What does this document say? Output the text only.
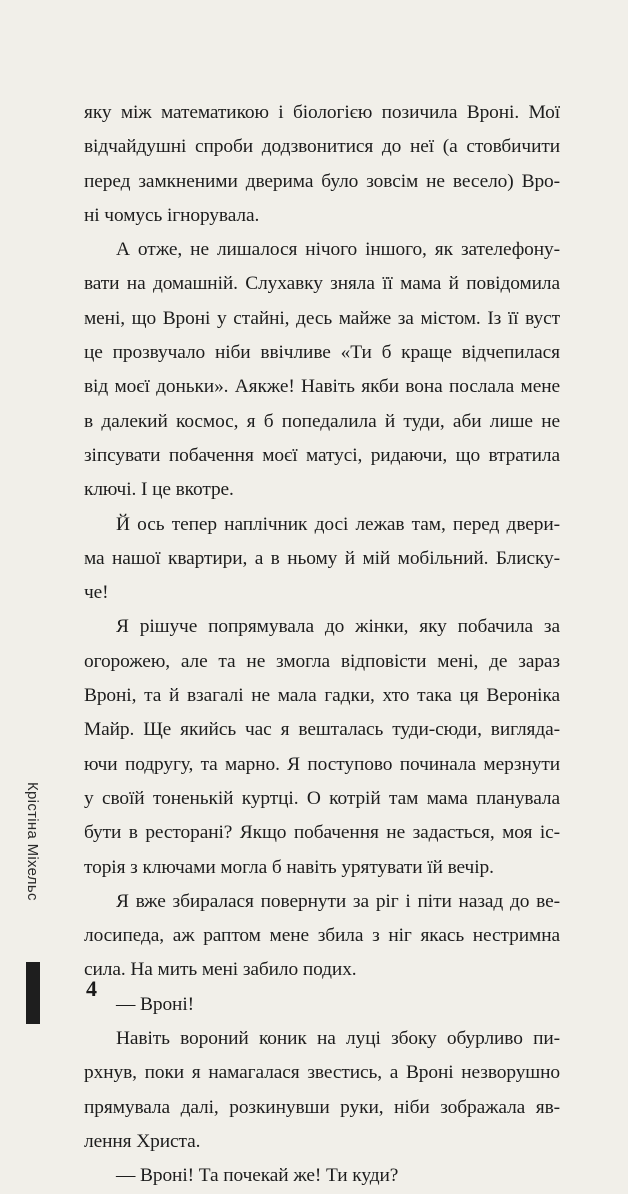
яку між математикою і біологією позичила Вроні. Мої
відчайдушні спроби додзвонитися до неї (а стовбичити
перед замкненими дверима було зовсім не весело) Вро-
ні чомусь ігнорувала.
А отже, не лишалося нічого іншого, як зателефону-
вати на домашній. Слухавку зняла її мама й повідомила
мені, що Вроні у стайні, десь майже за містом. Із її вуст
це прозвучало ніби ввічливе «Ти б краще відчепилася
від моєї доньки». Аякже! Навіть якби вона послала мене
в далекий космос, я б попедалила й туди, аби лише не
зіпсувати побачення моєї матусі, ридаючи, що втратила
ключі. І це вкотре.
Й ось тепер наплічник досі лежав там, перед двери-
ма нашої квартири, а в ньому й мій мобільний. Блиску-
че!
Я рішуче попрямувала до жінки, яку побачила за
огорожею, але та не змогла відповісти мені, де зараз
Вроні, та й взагалі не мала гадки, хто така ця Вероніка
Майр. Ще якийсь час я вешталась туди-сюди, вигляда-
ючи подругу, та марно. Я поступово починала мерзнути
у своїй тоненькій куртці. О котрій там мама планувала
бути в ресторані? Якщо побачення не задасться, моя іс-
торія з ключами могла б навіть урятувати їй вечір.
Я вже збиралася повернути за ріг і піти назад до ве-
лосипеда, аж раптом мене збила з ніг якась нестримна
сила. На мить мені забило подих.
— Вроні!
Навіть вороний коник на луці збоку обурливо пи-
рхнув, поки я намагалася звестись, а Вроні незворушно
прямувала далі, розкинувши руки, ніби зображала яв-
лення Христа.
— Вроні! Та почекай же! Ти куди?
Крістіна Міхельс
4
